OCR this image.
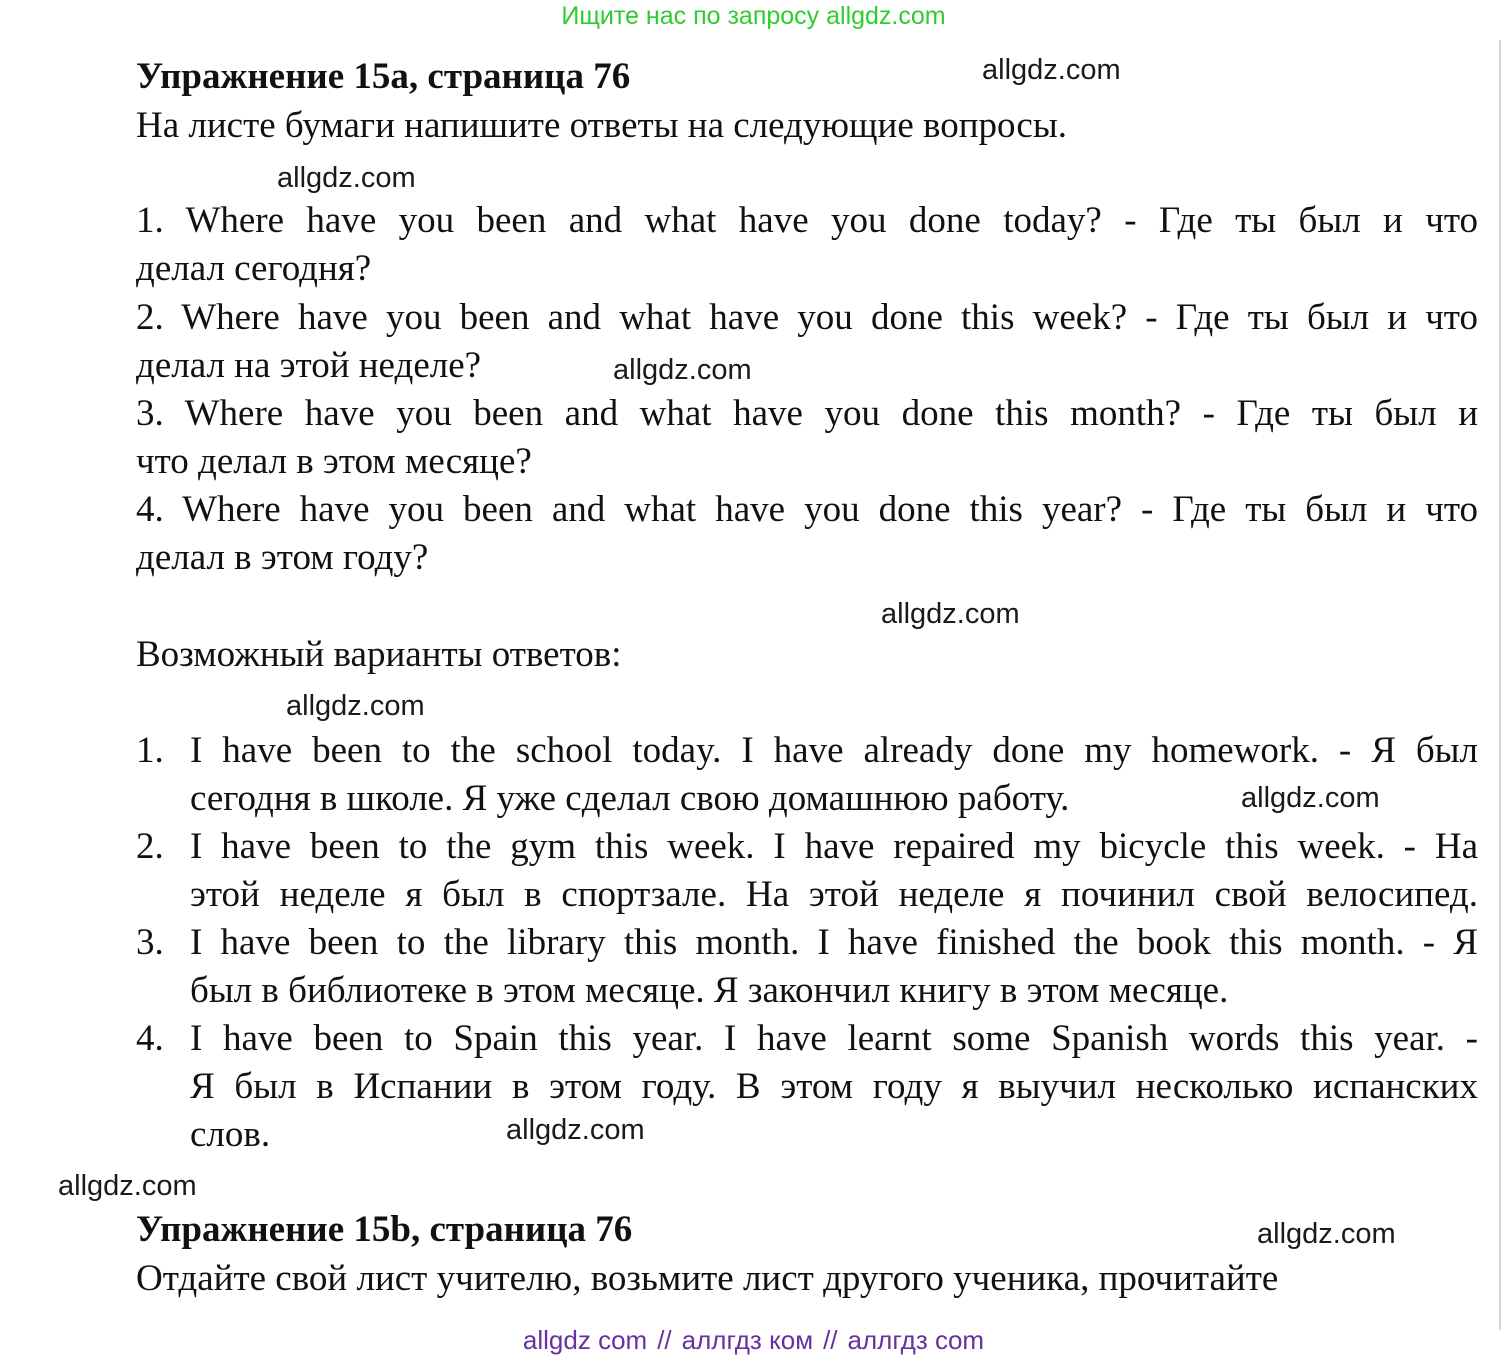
Ищите нас по запросу allgdz.com
Упражнение 15a, страница 76	allgdz.com
На листе бумаги напишите ответы на следующие вопросы.
allgdz.com
1. Where have you been and what have you done today? - Где ты был и что
делал сегодня?
2. Where have you been and what have you done this week? - Где ты был и что
делал на этой неделе?	allgdz.com
3. Where have you been and what have you done this month? - Где ты был и
что делал в этом месяце?
4. Where have you been and what have you done this year? - Где ты был и что
делал в этом году?
allgdz.com
Возможный варианты ответов:
allgdz.com
1. I have been to the school today. I have already done my homework. - Я был
сегодня в школе. Я уже сделал свою домашнюю работу.	allgdz.com
2. I have been to the gym this week. I have repaired my bicycle this week. - На
этой неделе я был в спортзале. На этой неделе я починил свой велосипед.
3. I have been to the library this month. I have finished the book this month. - Я
был в библиотеке в этом месяце. Я закончил книгу в этом месяце.
4. I have been to Spain this year. I have learnt some Spanish words this year. -
Я был в Испании в этом году. В этом году я выучил несколько испанских
слов.	allgdz.com
allgdz.com
Упражнение 15b, страница 76	allgdz.com
Отдайте свой лист учителю, возьмите лист другого ученика, прочитайте
allgdz com // аллгдз ком // аллгдз com
